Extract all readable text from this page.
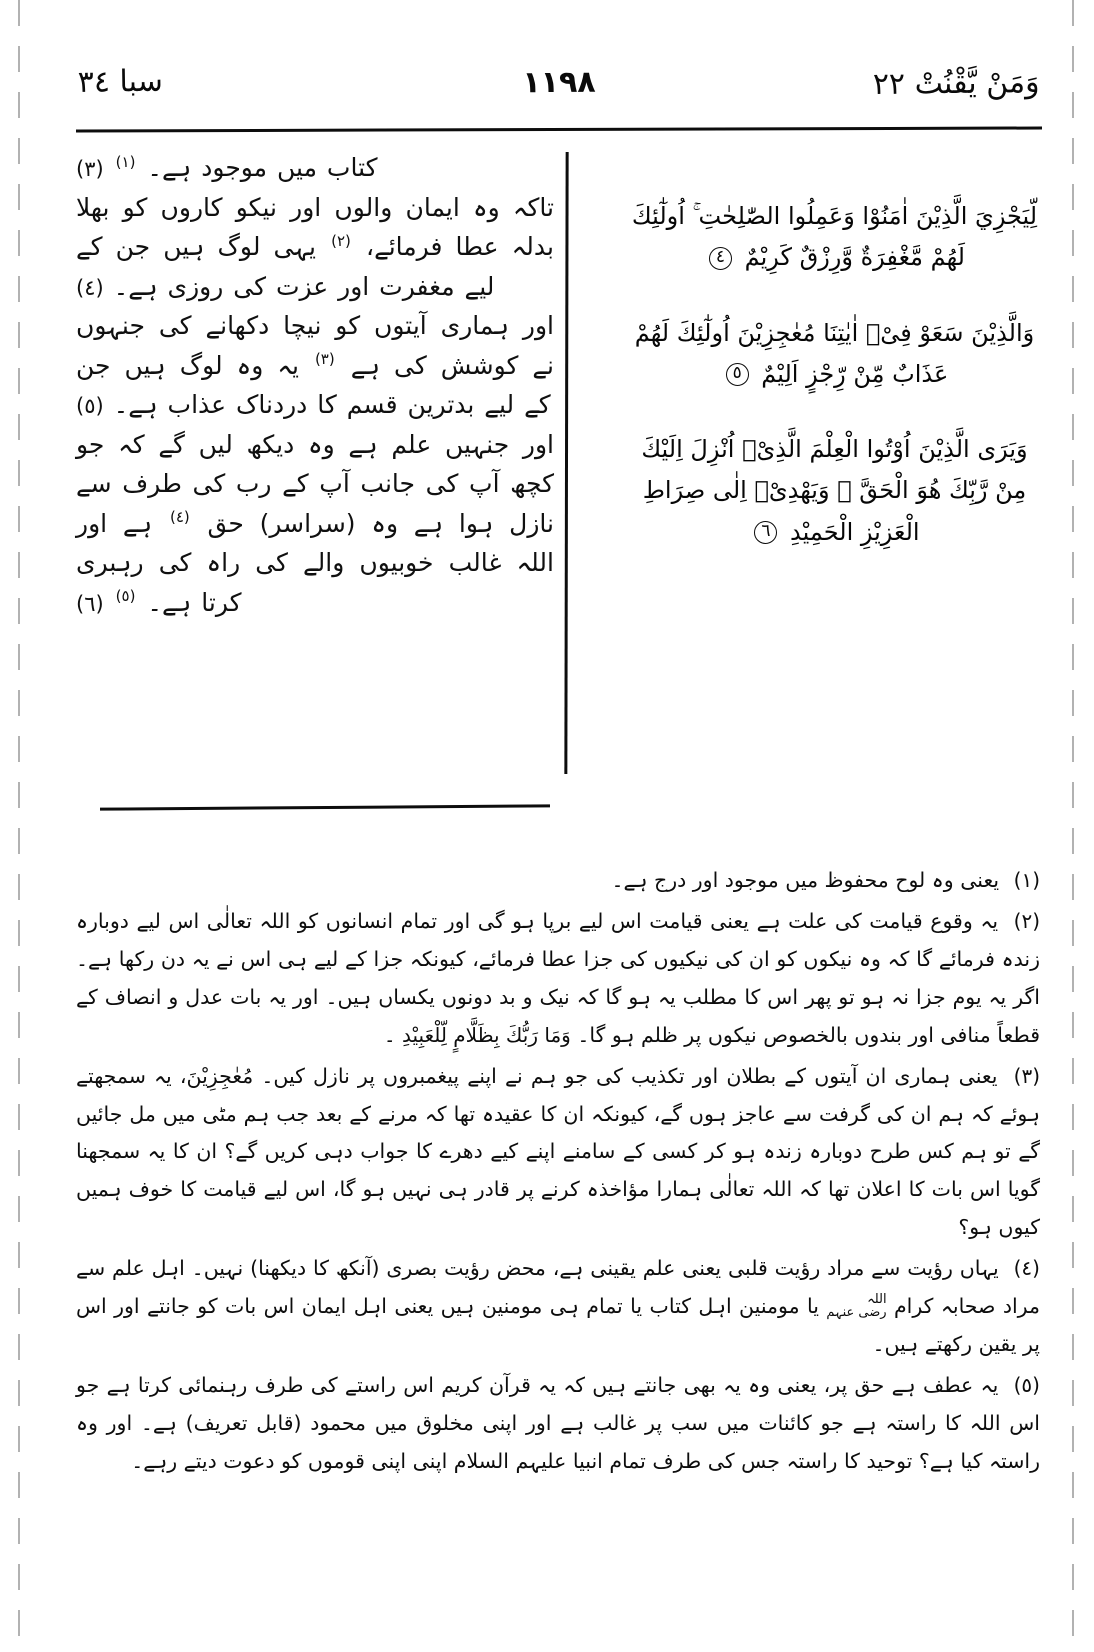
سبا ٣٤	١١٩٨	وَمَنْ يَّقْنُتْ ٢٢
لِّيَجْزِيَ الَّذِيْنَ اٰمَنُوْا وَعَمِلُوا الصّٰلِحٰتِ ۚ اُولٰٓئِكَ لَهُمْ مَّغْفِرَةٌ وَّرِزْقٌ كَرِيْمٌ ٤
وَالَّذِيْنَ سَعَوْ فِىْۤ اٰيٰتِنَا مُعٰجِزِيْنَ اُولٰٓئِكَ لَهُمْ عَذَابٌ مِّنْ رِّجْزٍ اَلِيْمٌ ٥
وَيَرَى الَّذِيْنَ اُوْتُوا الْعِلْمَ الَّذِىْۤ اُنْزِلَ اِلَيْكَ مِنْ رَّبِّكَ هُوَ الْحَقَّ ۙ وَيَهْدِىْۤ اِلٰى صِرَاطِ الْعَزِيْزِ الْحَمِيْدِ ٦
كتاب میں موجود ہے۔ $^{(١)}$ (٣)
تاکہ وہ ایمان والوں اور نیکو کاروں کو بھلا بدلہ عطا فرمائے، $^{(٢)}$ یہی لوگ ہیں جن کے لیے مغفرت اور عزت کی روزی ہے۔ (٤)
اور ہماری آیتوں کو نیچا دکھانے کی جنہوں نے کوشش کی ہے $^{(٣)}$ یہ وہ لوگ ہیں جن کے لیے بدترین قسم کا دردناک عذاب ہے۔ (٥)
اور جنہیں علم ہے وہ دیکھ لیں گے کہ جو کچھ آپ کی جانب آپ کے رب کی طرف سے نازل ہوا ہے وہ (سراسر) حق $^{(٤)}$ ہے اور اللہ غالب خوبیوں والے کی راہ کی رہبری کرتا ہے۔ $^{(٥)}$ (٦)
(١) یعنی وہ لوح محفوظ میں موجود اور درج ہے۔
(٢) یہ وقوع قیامت کی علت ہے یعنی قیامت اس لیے برپا ہو گی اور تمام انسانوں کو اللہ تعالٰی اس لیے دوبارہ زندہ فرمائے گا کہ وہ نیکوں کو ان کی نیکیوں کی جزا عطا فرمائے، کیونکہ جزا کے لیے ہی اس نے یہ دن رکھا ہے۔ اگر یہ یوم جزا نہ ہو تو پھر اس کا مطلب یہ ہو گا کہ نیک و بد دونوں یکساں ہیں۔ اور یہ بات عدل و انصاف کے قطعاً منافی اور بندوں بالخصوص نیکوں پر ظلم ہو گا۔ وَمَا رَبُّكَ بِظَلَّامٍ لِّلْعَبِيْدِ ۔
(٣) یعنی ہماری ان آیتوں کے بطلان اور تکذیب کی جو ہم نے اپنے پیغمبروں پر نازل کیں۔ مُعٰجِزِیْنَ، یہ سمجھتے ہوئے کہ ہم ان کی گرفت سے عاجز ہوں گے، کیونکہ ان کا عقیدہ تھا کہ مرنے کے بعد جب ہم مٹی میں مل جائیں گے تو ہم کس طرح دوبارہ زندہ ہو کر کسی کے سامنے اپنے کیے دھرے کا جواب دہی کریں گے؟ ان کا یہ سمجھنا گویا اس بات کا اعلان تھا کہ اللہ تعالٰی ہمارا مؤاخذہ کرنے پر قادر ہی نہیں ہو گا، اس لیے قیامت کا خوف ہمیں کیوں ہو؟
(٤) یہاں رؤیت سے مراد رؤیت قلبی یعنی علم یقینی ہے، محض رؤیت بصری (آنکھ کا دیکھنا) نہیں۔ اہل علم سے مراد صحابہ کرام
اللہ
رضی عنہم
یا مومنین اہل کتاب یا تمام ہی مومنین ہیں یعنی اہل ایمان اس بات کو جانتے اور اس پر یقین رکھتے ہیں۔
(٥) یہ عطف ہے حق پر، یعنی وہ یہ بھی جانتے ہیں کہ یہ قرآن کریم اس راستے کی طرف رہنمائی کرتا ہے جو اس اللہ کا راستہ ہے جو کائنات میں سب پر غالب ہے اور اپنی مخلوق میں محمود (قابل تعریف) ہے۔ اور وہ راستہ کیا ہے؟ توحید کا راستہ جس کی طرف تمام انبیا علیہم السلام اپنی اپنی قوموں کو دعوت دیتے رہے۔
